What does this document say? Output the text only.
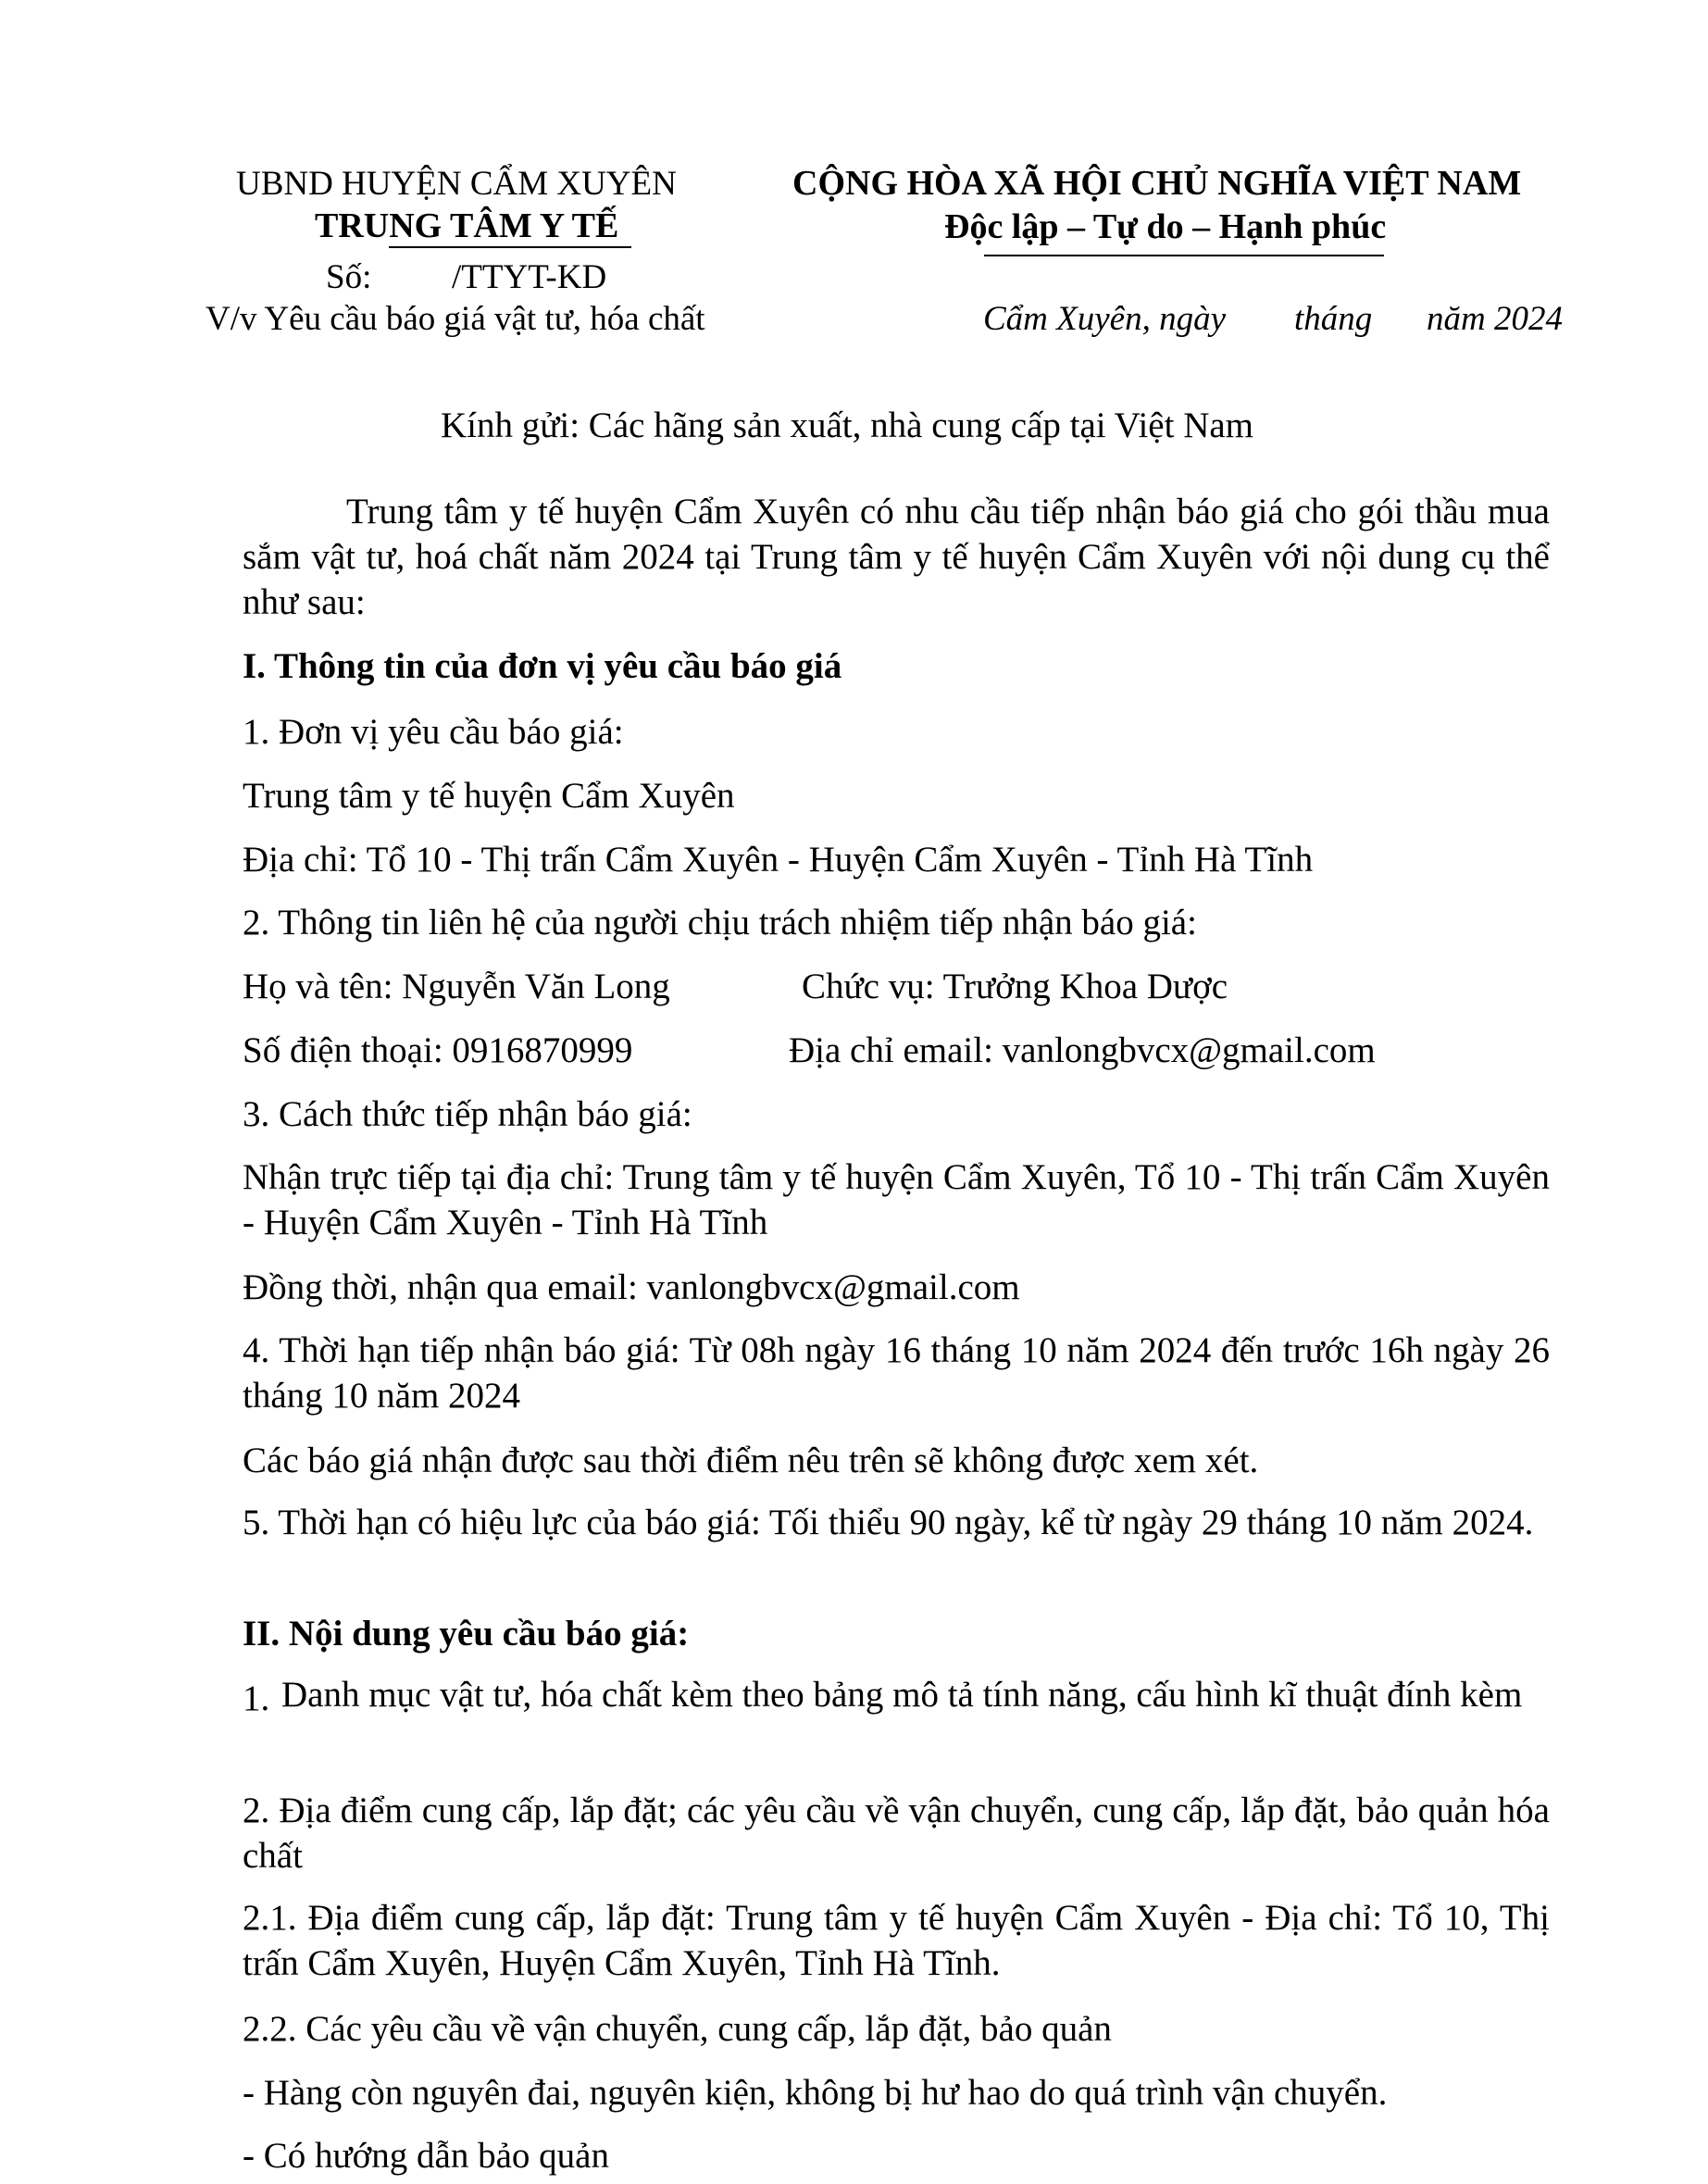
UBND HUYỆN CẨM XUYÊN
TRUNG TÂM Y TẾ
Số: /TTYT-KD
V/v Yêu cầu báo giá vật tư, hóa chất
CỘNG HÒA XÃ HỘI CHỦ NGHĨA VIỆT NAM
Độc lập – Tự do – Hạnh phúc
Cẩm Xuyên, ngày tháng năm 2024
Kính gửi: Các hãng sản xuất, nhà cung cấp tại Việt Nam
Trung tâm y tế huyện Cẩm Xuyên có nhu cầu tiếp nhận báo giá cho gói thầu mua sắm vật tư, hoá chất năm 2024 tại Trung tâm y tế huyện Cẩm Xuyên với nội dung cụ thể như sau:
I. Thông tin của đơn vị yêu cầu báo giá
1. Đơn vị yêu cầu báo giá:
Trung tâm y tế huyện Cẩm Xuyên
Địa chỉ: Tổ 10 - Thị trấn Cẩm Xuyên - Huyện Cẩm Xuyên - Tỉnh Hà Tĩnh
2. Thông tin liên hệ của người chịu trách nhiệm tiếp nhận báo giá:
Họ và tên: Nguyễn Văn Long	Chức vụ: Trưởng Khoa Dược
Số điện thoại: 0916870999	Địa chỉ email: vanlongbvcx@gmail.com
3. Cách thức tiếp nhận báo giá:
Nhận trực tiếp tại địa chỉ: Trung tâm y tế huyện Cẩm Xuyên, Tổ 10 - Thị trấn Cẩm Xuyên - Huyện Cẩm Xuyên - Tỉnh Hà Tĩnh
Đồng thời, nhận qua email: vanlongbvcx@gmail.com
4. Thời hạn tiếp nhận báo giá: Từ 08h ngày 16 tháng 10 năm 2024 đến trước 16h ngày 26 tháng 10 năm 2024
Các báo giá nhận được sau thời điểm nêu trên sẽ không được xem xét.
5. Thời hạn có hiệu lực của báo giá: Tối thiểu 90 ngày, kể từ ngày 29 tháng 10 năm 2024.
II. Nội dung yêu cầu báo giá:
1. Danh mục vật tư, hóa chất kèm theo bảng mô tả tính năng, cấu hình kĩ thuật đính kèm
2. Địa điểm cung cấp, lắp đặt; các yêu cầu về vận chuyển, cung cấp, lắp đặt, bảo quản hóa chất
2.1. Địa điểm cung cấp, lắp đặt: Trung tâm y tế huyện Cẩm Xuyên - Địa chỉ: Tổ 10, Thị trấn Cẩm Xuyên, Huyện Cẩm Xuyên, Tỉnh Hà Tĩnh.
2.2. Các yêu cầu về vận chuyển, cung cấp, lắp đặt, bảo quản
- Hàng còn nguyên đai, nguyên kiện, không bị hư hao do quá trình vận chuyển.
- Có hướng dẫn bảo quản
